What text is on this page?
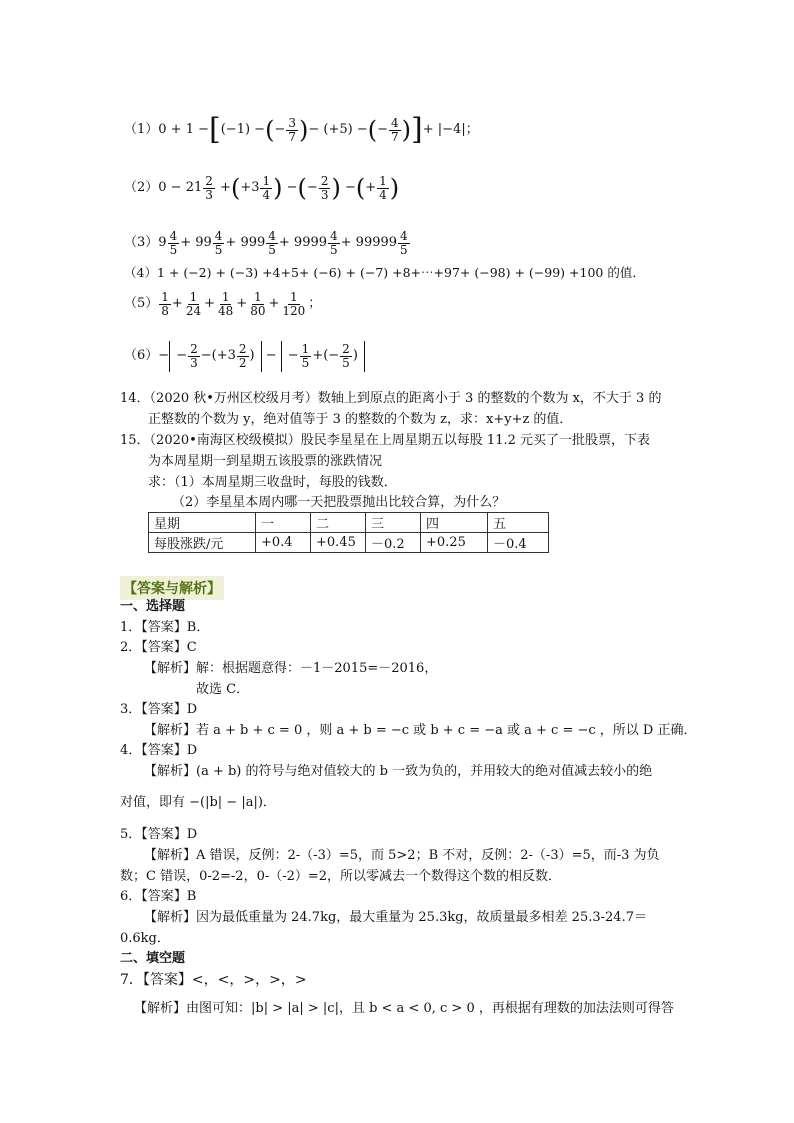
（1） 0 + 1 − [ (−1) − ( − $\frac{3}{7}$ ) − (+5) − ( − $\frac{4}{7}$ ) ] + |−4|；
（2） $0 - 21 \frac{2}{3}$ + ( $+3 \frac{1}{4}$ ) − ( − $\frac{2}{3}$ ) − ( + $\frac{1}{4}$ )
（3） $9 \frac{4}{5} + 99 \frac{4}{5} + 999 \frac{4}{5} + 9999 \frac{4}{5} + 99999 \frac{4}{5}$
（4）1 + (−2) + (−3) +4+5+ (−6) + (−7) +8+⋯+97+ (−98) + (−99) +100 的值．
$(5) \frac{1}{8} + \frac{1}{24} + \frac{1}{48} + \frac{1}{80} + \frac{1}{120}$ ；
（6） − − $\frac{2}{3}$ −(+ $3 \frac{2}{2}$ ) − − $\frac{1}{5}$ +(− $\frac{2}{5}$ )
14．（2020 秋•万州区校级月考）数轴上到原点的距离小于 3 的整数的个数为 x，不大于 3 的
正整数的个数为 y，绝对值等于 3 的整数的个数为 z，求：x+y+z 的值．
15．（2020•南海区校级模拟）股民李星星在上周星期五以每股 11.2 元买了一批股票，下表
为本周星期一到星期五该股票的涨跌情况
求：（1）本周星期三收盘时，每股的钱数．
（2）李星星本周内哪一天把股票抛出比较合算，为什么？
星期	一	二	三	四	五
每股涨跌/元	+0.4	+0.45	－0.2	+0.25	－0.4
【答案与解析】
一、选择题
1．【答案】B．
2．【答案】C
【解析】解：根据题意得：－1－2015=－2016，
故选 C．
3．【答案】D
【解析】若 a + b + c = 0 ，则 a + b = −c 或 b + c = −a 或 a + c = −c ，所以 D 正确．
4．【答案】D
【解析】(a + b) 的符号与绝对值较大的 b 一致为负的，并用较大的绝对值减去较小的绝
对值，即有 −(|b| − |a|)．
5．【答案】D
【解析】A 错误，反例：2-（-3）=5，而 5>2；B 不对，反例：2-（-3）=5，而-3 为负
数；C 错误，0-2=-2，0-（-2）=2，所以零减去一个数得这个数的相反数．
6．【答案】B
【解析】因为最低重量为 24.7kg，最大重量为 25.3kg，故质量最多相差 25.3-24.7＝
0.6kg．
二、填空题
7．【答案】<，<，>，>，>
【解析】由图可知：|b| > |a| > |c|，且 b < a < 0, c > 0 ，再根据有理数的加法法则可得答
